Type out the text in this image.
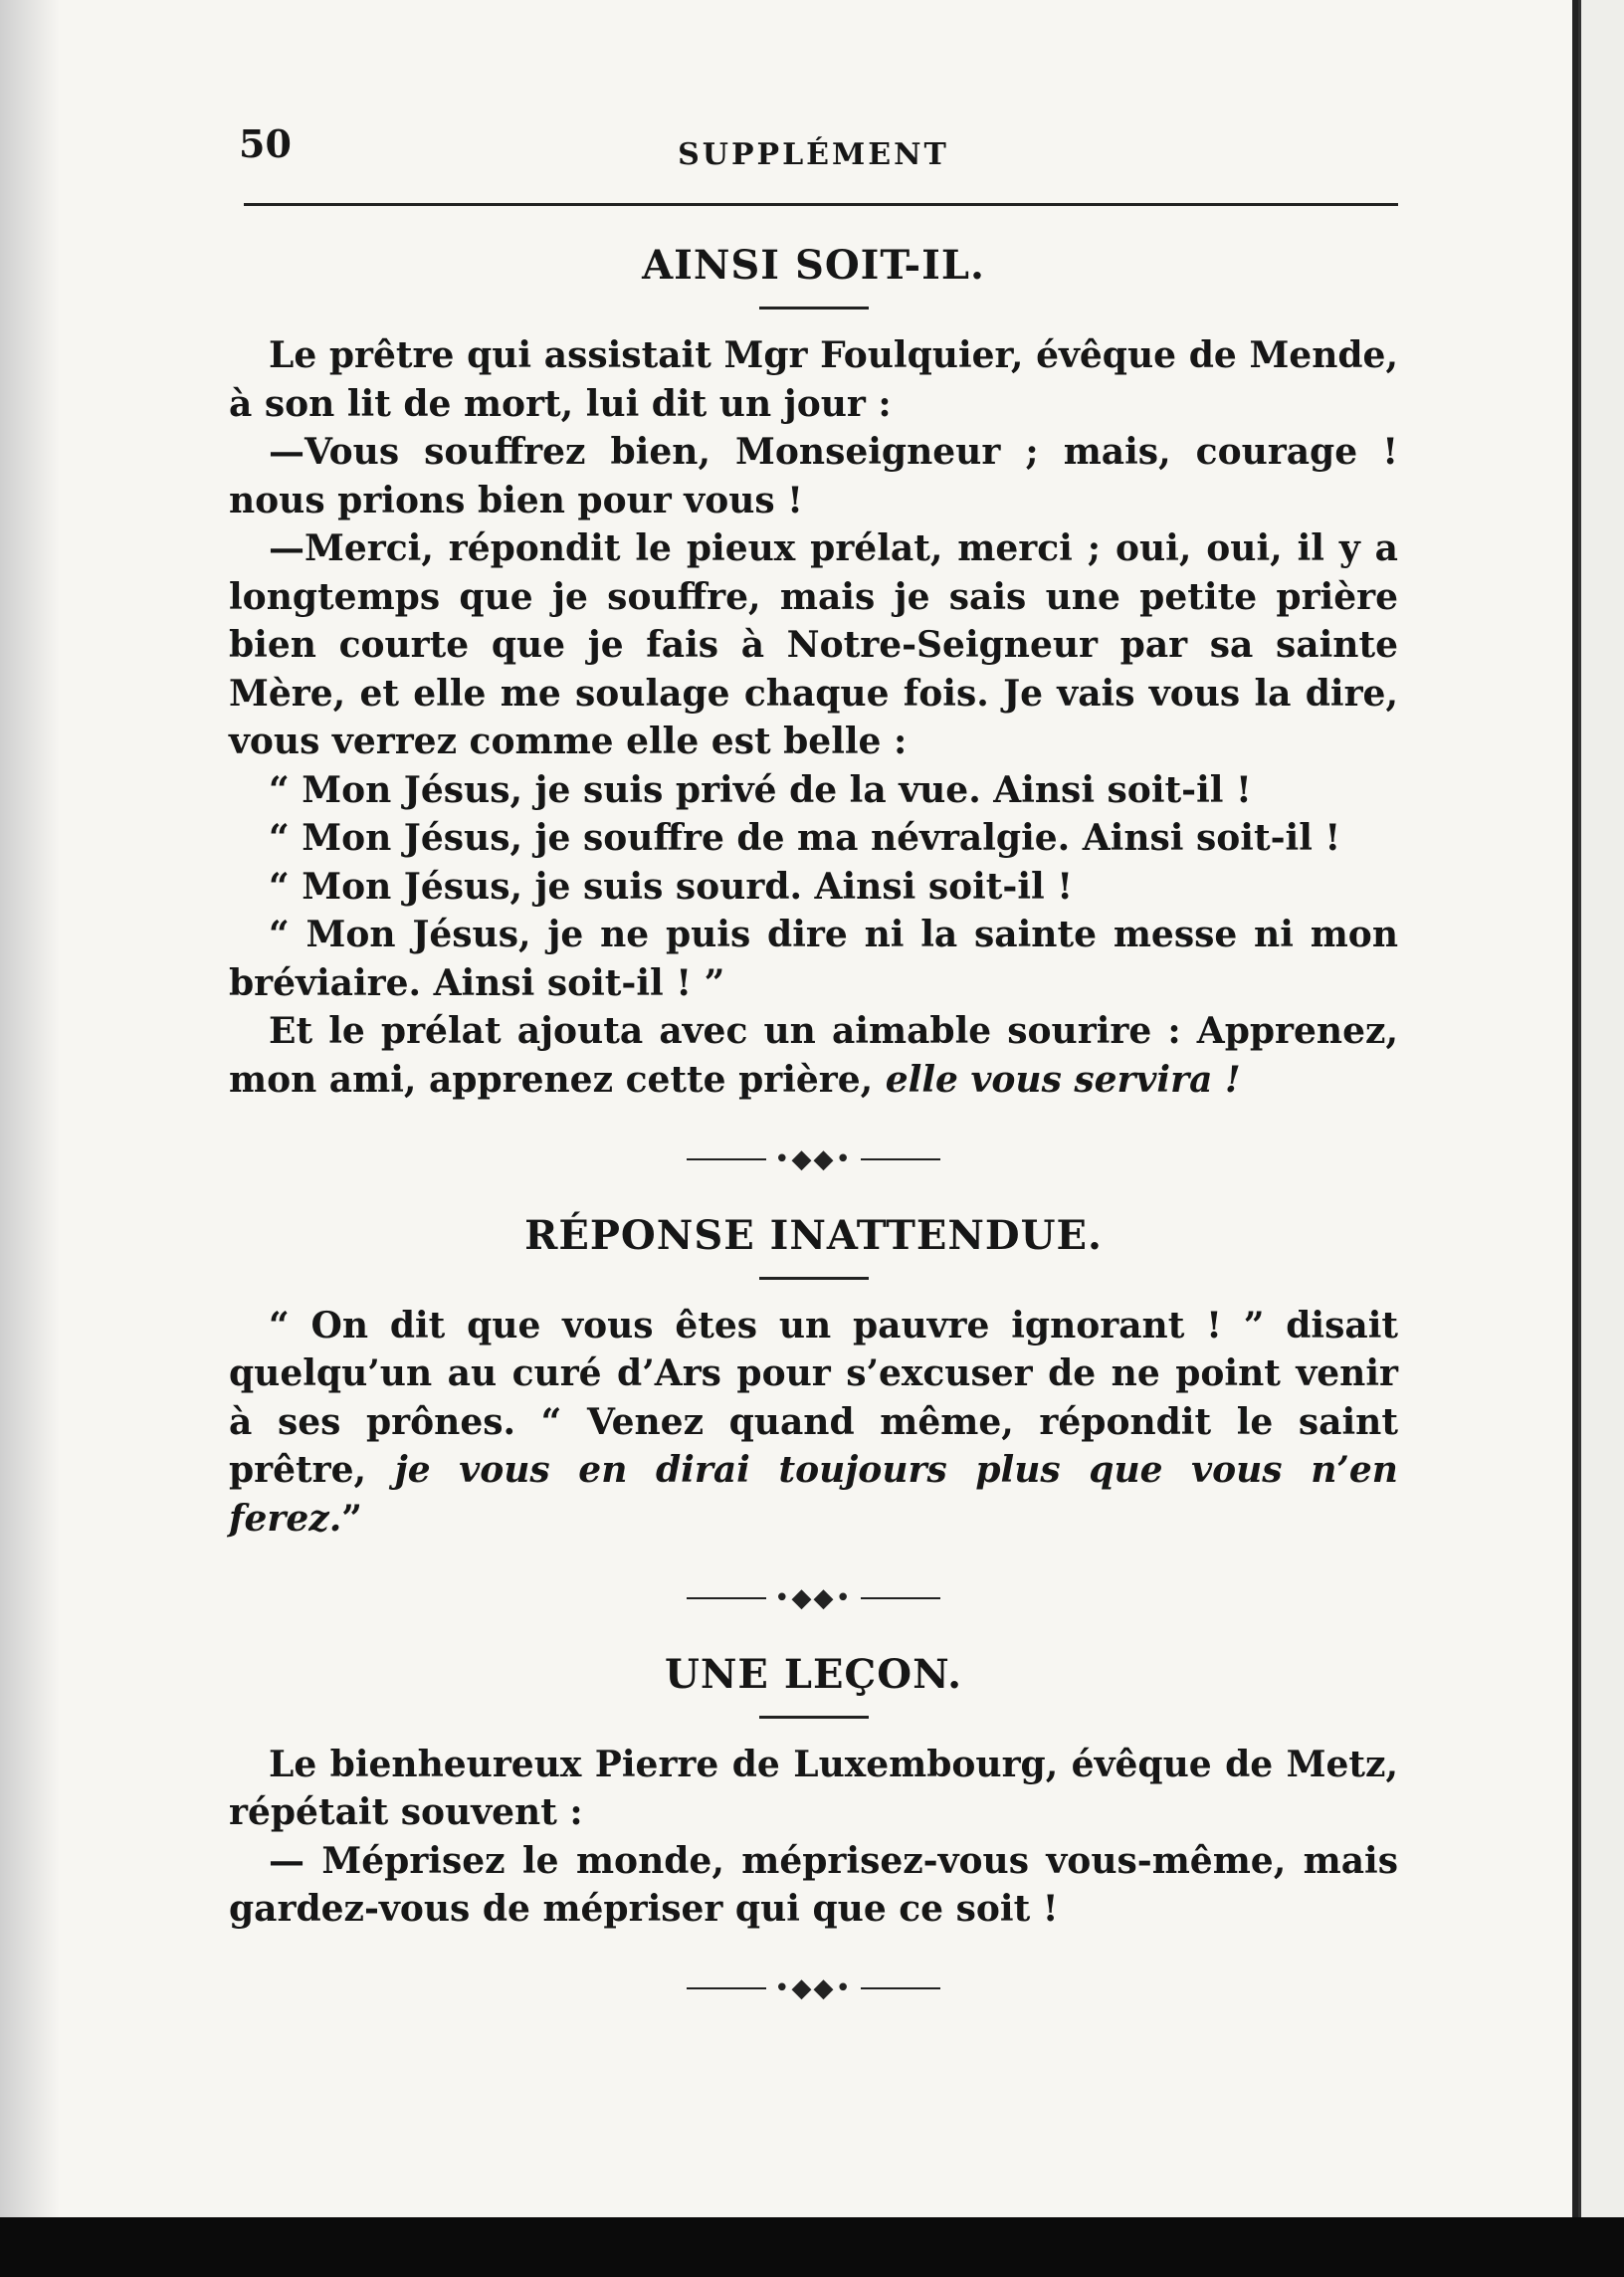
50	SUPPLÉMENT
AINSI SOIT-IL.

Le prêtre qui assistait Mgr Foulquier, évêque de Mende, à son lit de mort, lui dit un jour :

—Vous souffrez bien, Monseigneur ; mais, courage ! nous prions bien pour vous !

—Merci, répondit le pieux prélat, merci ; oui, oui, il y a longtemps que je souffre, mais je sais une petite prière bien courte que je fais à Notre-Seigneur par sa sainte Mère, et elle me soulage chaque fois. Je vais vous la dire, vous verrez comme elle est belle :

“ Mon Jésus, je suis privé de la vue. Ainsi soit-il !

“ Mon Jésus, je souffre de ma névralgie. Ainsi soit-il !

“ Mon Jésus, je suis sourd. Ainsi soit-il !

“ Mon Jésus, je ne puis dire ni la sainte messe ni mon bréviaire. Ainsi soit-il ! ”

Et le prélat ajouta avec un aimable sourire : Apprenez, mon ami, apprenez cette prière, elle vous servira !

•◆◆•
RÉPONSE INATTENDUE.

“ On dit que vous êtes un pauvre ignorant ! ” disait quelqu’un au curé d’Ars pour s’excuser de ne point venir à ses prônes. “ Venez quand même, répondit le saint prêtre, je vous en dirai toujours plus que vous n’en ferez.”

•◆◆•
UNE LEÇON.

Le bienheureux Pierre de Luxembourg, évêque de Metz, répétait souvent :

— Méprisez le monde, méprisez-vous vous-même, mais gardez-vous de mépriser qui que ce soit !

•◆◆•
